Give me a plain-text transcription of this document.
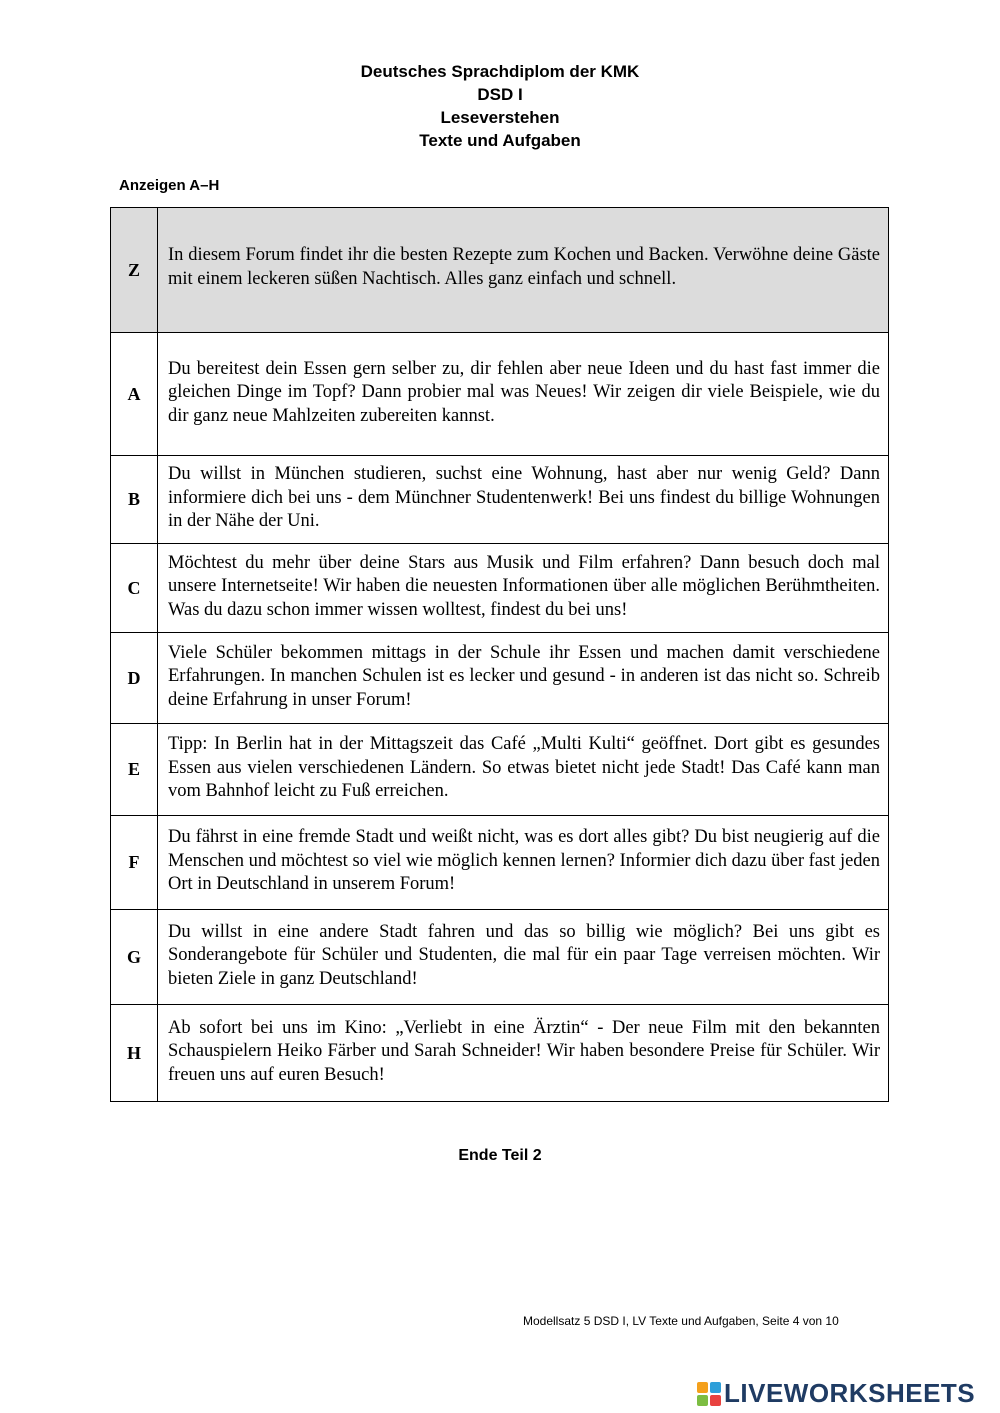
Deutsches Sprachdiplom der KMK
DSD I
Leseverstehen
Texte und Aufgaben
Anzeigen A–H
Z	In diesem Forum findet ihr die besten Rezepte zum Kochen und Backen. Verwöhne deine Gäste mit einem leckeren süßen Nachtisch. Alles ganz einfach und schnell.
A	Du bereitest dein Essen gern selber zu, dir fehlen aber neue Ideen und du hast fast immer die gleichen Dinge im Topf? Dann probier mal was Neues! Wir zeigen dir viele Beispiele, wie du dir ganz neue Mahlzeiten zubereiten kannst.
B	Du willst in München studieren, suchst eine Wohnung, hast aber nur wenig Geld? Dann informiere dich bei uns - dem Münchner Studentenwerk! Bei uns findest du billige Wohnungen in der Nähe der Uni.
C	Möchtest du mehr über deine Stars aus Musik und Film erfahren? Dann besuch doch mal unsere Internetseite! Wir haben die neuesten Informationen über alle möglichen Berühmtheiten. Was du dazu schon immer wissen wolltest, findest du bei uns!
D	Viele Schüler bekommen mittags in der Schule ihr Essen und machen damit verschiedene Erfahrungen. In manchen Schulen ist es lecker und gesund - in anderen ist das nicht so. Schreib deine Erfahrung in unser Forum!
E	Tipp: In Berlin hat in der Mittagszeit das Café „Multi Kulti“ geöffnet. Dort gibt es gesundes Essen aus vielen verschiedenen Ländern. So etwas bietet nicht jede Stadt! Das Café kann man vom Bahnhof leicht zu Fuß erreichen.
F	Du fährst in eine fremde Stadt und weißt nicht, was es dort alles gibt? Du bist neugierig auf die Menschen und möchtest so viel wie möglich kennen lernen? Informier dich dazu über fast jeden Ort in Deutschland in unserem Forum!
G	Du willst in eine andere Stadt fahren und das so billig wie möglich? Bei uns gibt es Sonderangebote für Schüler und Studenten, die mal für ein paar Tage verreisen möchten. Wir bieten Ziele in ganz Deutschland!
H	Ab sofort bei uns im Kino: „Verliebt in eine Ärztin“ - Der neue Film mit den bekannten Schauspielern Heiko Färber und Sarah Schneider! Wir haben besondere Preise für Schüler. Wir freuen uns auf euren Besuch!
Ende Teil 2
Modellsatz 5 DSD I, LV Texte und Aufgaben, Seite 4 von 10
LIVEWORKSHEETS
